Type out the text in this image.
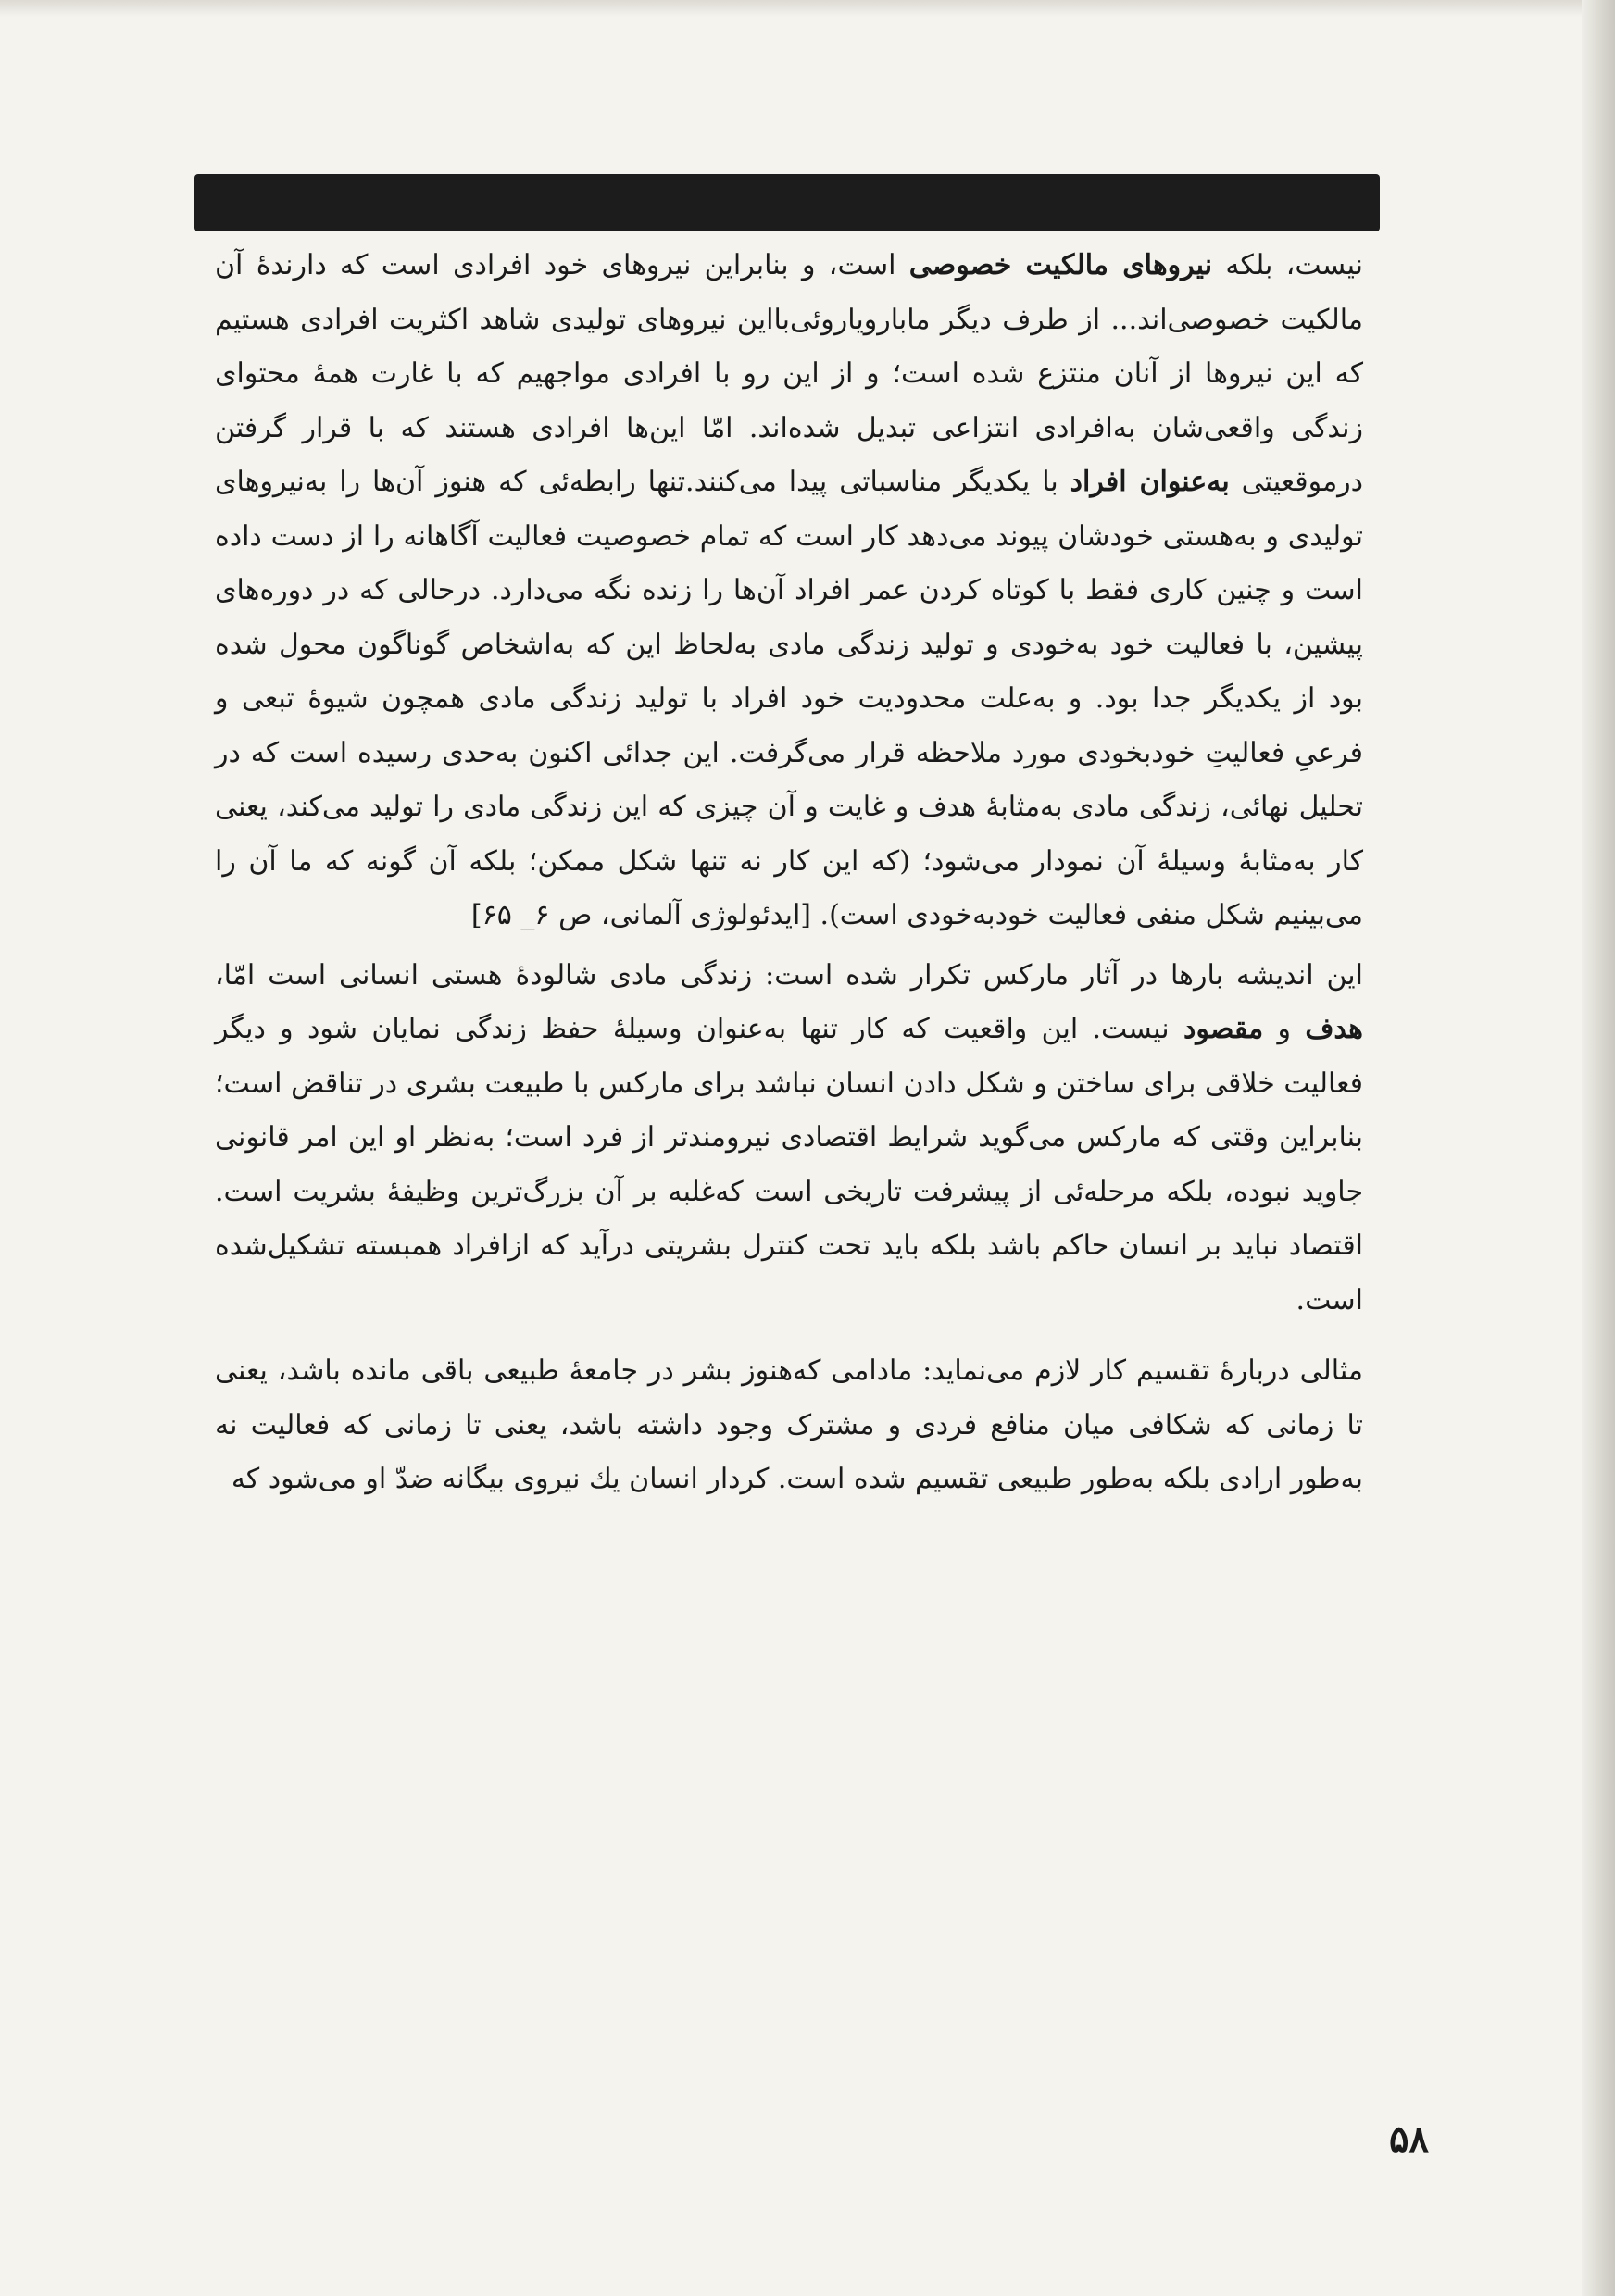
نیست، بلکه نیروهای مالکیت خصوصی است، و بنابراین نیروهای خود افرادی است که دارندۀ آن مالکیت خصوصی‌اند... از طرف دیگر مابارویاروئی‌بااین نیروهای تولیدی شاهد اکثریت افرادی هستیم که این نیروها از آنان منتزع شده است؛ و از این رو با افرادی مواجهیم که با غارت همۀ محتوای زندگی واقعی‌شان به‌افرادی انتزاعی تبدیل شده‌اند. امّا این‌ها افرادی هستند که با قرار گرفتن درموقعیتی به‌عنوان افراد با یکدیگر مناسباتی پیدا می‌کنند.تنها رابطه‌ئی که هنوز آن‌ها را به‌نیروهای تولیدی و به‌هستی خودشان پیوند می‌دهد کار است که تمام خصوصیت فعالیت آگاهانه را از دست داده است و چنین کاری فقط با کوتاه کردن عمر افراد آن‌ها را زنده نگه می‌دارد. درحالی که در دوره‌های پیشین، با فعالیت خود به‌خودی و تولید زندگی مادی به‌لحاظ این که به‌اشخاص گوناگون محول شده بود از یکدیگر جدا بود. و به‌علت محدودیت خود افراد با تولید زندگی مادی همچون شیوۀ تبعی و فرعیِ فعالیتِ خودبخودی مورد ملاحظه قرار می‌گرفت. این جدائی اکنون به‌حدی رسیده است که در تحلیل نهائی، زندگی مادی به‌مثابۀ هدف و غایت و آن چیزی که این زندگی مادی را تولید می‌کند، یعنی کار به‌مثابۀ وسیلۀ آن نمودار می‌شود؛ (که این کار نه تنها شکل ممکن؛ بلکه آن گونه که ما آن را می‌بینیم شکل منفی فعالیت خودبه‌خودی است). [ایدئولوژی آلمانی، ص ۶_ ۶۵]

این اندیشه بارها در آثار مارکس تکرار شده است: زندگی مادی شالودۀ هستی انسانی است امّا، هدف و مقصود نیست. این واقعیت که کار تنها به‌عنوان وسیلۀ حفظ زندگی نمایان شود و دیگر فعالیت خلاقی برای ساختن و شکل دادن انسان نباشد برای مارکس با طبیعت بشری در تناقض است؛ بنابراین وقتی که مارکس می‌گوید شرایط اقتصادی نیرومندتر از فرد است؛ به‌نظر او این امر قانونی جاوید نبوده، بلکه مرحله‌ئی از پیشرفت تاریخی است که‌غلبه بر آن بزرگ‌ترین وظیفۀ بشریت است. اقتصاد نباید بر انسان حاکم باشد بلکه باید تحت کنترل بشریتی درآید که ازافراد همبسته تشکیل‌شده است.

مثالی دربارۀ تقسیم کار لازم می‌نماید: مادامی که‌هنوز بشر در جامعۀ طبیعی باقی مانده باشد، یعنی تا زمانی که شکافی میان منافع فردی و مشترک وجود داشته باشد، یعنی تا زمانی که فعالیت نه به‌طور ارادی بلکه به‌طور طبیعی تقسیم شده است. کردار انسان یك نیروی بیگانه ضدّ او می‌شود که

۵۸
